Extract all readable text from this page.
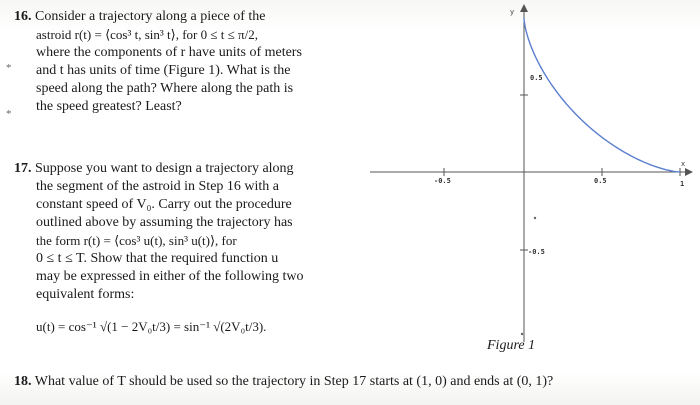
16. Consider a trajectory along a piece of the
astroid r(t) = ⟨cos³ t, sin³ t⟩, for 0 ≤ t ≤ π/2,
where the components of r have units of meters
and t has units of time (Figure 1). What is the
speed along the path? Where along the path is
the speed greatest? Least?
17. Suppose you want to design a trajectory along
the segment of the astroid in Step 16 with a
constant speed of V₀. Carry out the procedure
outlined above by assuming the trajectory has
the form r(t) = ⟨cos³ u(t), sin³ u(t)⟩, for
0 ≤ t ≤ T. Show that the required function u
may be expressed in either of the following two
equivalent forms:
u(t) = cos⁻¹ √(1 − 2V₀t/3) = sin⁻¹ √(2V₀t/3).
-0.5	0.5	1
0.5
-0.5
x
y
Figure 1
18. What value of T should be used so the trajectory in Step 17 starts at (1, 0) and ends at (0, 1)?
*
*
